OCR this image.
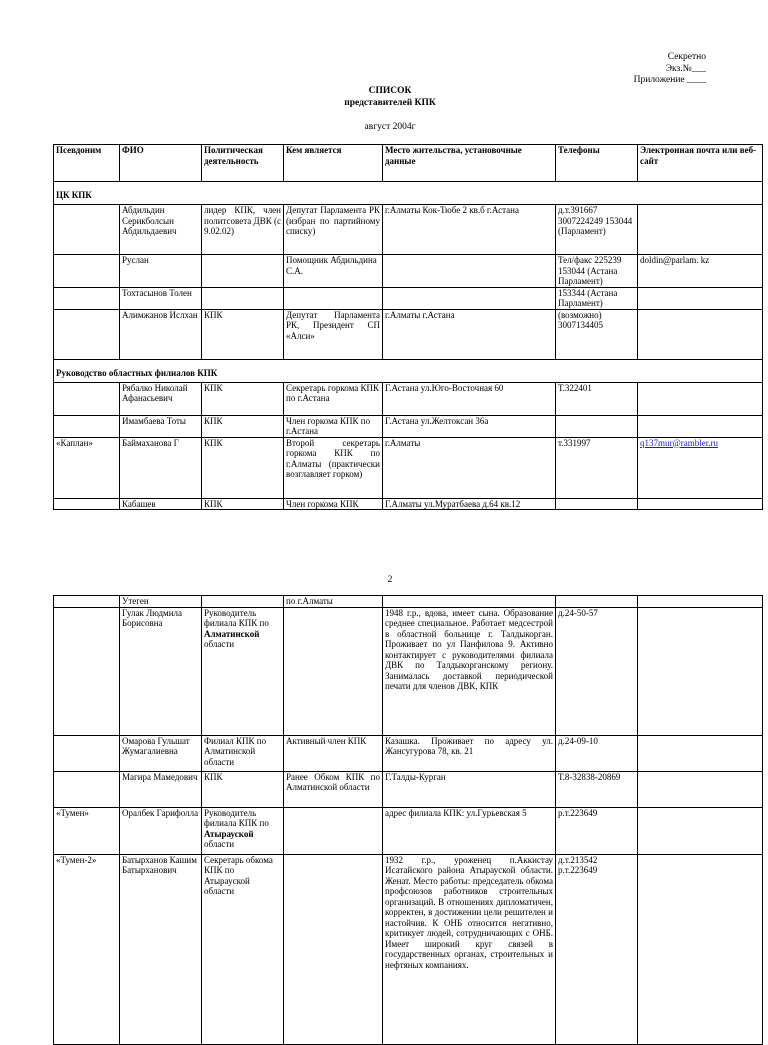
Секретно
Экз.№___
Приложение ____
СПИСОК
представителей КПК
август 2004г
Псевдоним	ФИО	Политическая деятельность	Кем является	Место жительства, установочные данные	Телефоны	Электронная почта или веб-сайт
ЦК КПК						
	Абдильдин Серикболсын Абдильдаевич	лидер КПК, член политсовета ДВК (с 9.02.02)	Депутат Парламента РК (избран по партийному списку)	г.Алматы Кок-Тюбе 2 кв.б г.Астана	д.т.391667 3007224249 153044 (Парламент)	
	Руслан		Помощник Абдильдина С.А.		Тел/факс 225239 153044 (Астана Парламент)	doldin@parlam. kz
	Тохтасынов Толен				153344 (Астана Парламент)	
	Алимжанов Ислхан	КПК	Депутат Парламента РК, Президент СП «Алси»	г.Алматы г.Астана	(возможно) 3007134405	
Руководство областных филиалов КПК						
	Рябалко Николай Афанасьевич	КПК	Секретарь горкома КПК по г.Астана	Г.Астана ул.Юго-Восточная 60	Т.322401	
	Имамбаева Тоты	КПК	Член горкома КПК по г.Астана	Г.Астана ул.Желтоксан 36а		
«Каплан»	Баймаханова Г	КПК	Второй секретарь горкома КПК по г.Алматы (практически возглавляет горком)	г.Алматы	т.331997	q137mur@rambler.ru
	Кабашев	КПК	Член горкома КПК	Г.Алматы ул.Муратбаева д.64 кв.12		
2
	Утеген		по г.Алматы			
	Гулак Людмила Борисовна	Руководитель филиала КПК по Алматинской области		1948 г.р., вдова, имеет сына. Образование среднее специальное. Работает медсестрой в областной больнице г. Талдыкорган. Проживает по ул Панфилова 9. Активно контактирует с руководителями филиала ДВК по Талдыкорганскому региону. Занималась доставкой периодической печати для членов ДВК, КПК	д.24-50-57	
	Омарова Гульшат Жумагалиевна	Филиал КПК по Алматинской области	Активный член КПК	Казашка. Проживает по адресу ул. Жансугурова 78, кв. 21	д.24-09-10	
	Магира Мамедович	КПК	Ранее Обком КПК по Алматинской области	Г.Талды-Курган	Т.8-32838-20869	
«Тумен»	Оралбек Гарифолла	Руководитель филиала КПК по Атырауской области		адрес филиала КПК: ул.Гурьевская 5	р.т.223649	
«Тумен-2»	Батырханов Кашим Батырханович	Секретарь обкома КПК по Атырауской области		1932 г.р., уроженец п.Аккистау Исатайского района Атырауской области. Женат. Место работы: председатель обкома профсоюзов работников строительных организаций. В отношениях дипломатичен, корректен, в достижении цели решителен и настойчив. К ОНБ относится негативно, критикует людей, сотрудничающих с ОНБ. Имеет широкий круг связей в государственных органах, строительных и нефтяных компаниях.	д.т.213542 р.т.223649	
